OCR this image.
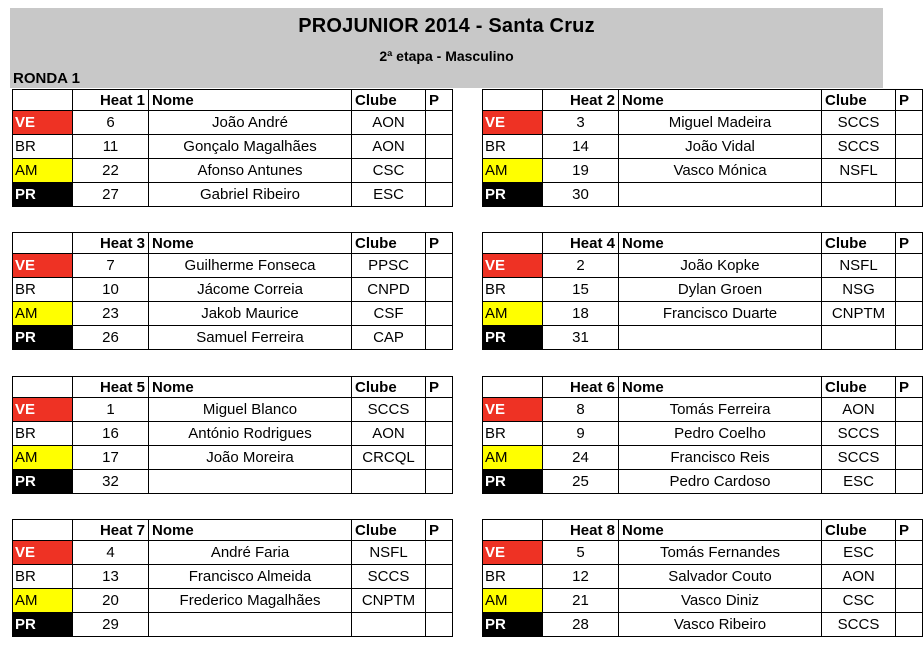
PROJUNIOR 2014 - Santa Cruz
2ª etapa - Masculino
RONDA 1
	Heat 1	Nome	Clube	P
VE	6	João André	AON	
BR	11	Gonçalo Magalhães	AON	
AM	22	Afonso Antunes	CSC	
PR	27	Gabriel Ribeiro	ESC	
	Heat 2	Nome	Clube	P
VE	3	Miguel Madeira	SCCS	
BR	14	João Vidal	SCCS	
AM	19	Vasco Mónica	NSFL	
PR	30			
	Heat 3	Nome	Clube	P
VE	7	Guilherme Fonseca	PPSC	
BR	10	Jácome Correia	CNPD	
AM	23	Jakob Maurice	CSF	
PR	26	Samuel Ferreira	CAP	
	Heat 4	Nome	Clube	P
VE	2	João Kopke	NSFL	
BR	15	Dylan Groen	NSG	
AM	18	Francisco Duarte	CNPTM	
PR	31			
	Heat 5	Nome	Clube	P
VE	1	Miguel Blanco	SCCS	
BR	16	António Rodrigues	AON	
AM	17	João Moreira	CRCQL	
PR	32			
	Heat 6	Nome	Clube	P
VE	8	Tomás Ferreira	AON	
BR	9	Pedro Coelho	SCCS	
AM	24	Francisco Reis	SCCS	
PR	25	Pedro Cardoso	ESC	
	Heat 7	Nome	Clube	P
VE	4	André Faria	NSFL	
BR	13	Francisco Almeida	SCCS	
AM	20	Frederico Magalhães	CNPTM	
PR	29			
	Heat 8	Nome	Clube	P
VE	5	Tomás Fernandes	ESC	
BR	12	Salvador Couto	AON	
AM	21	Vasco Diniz	CSC	
PR	28	Vasco Ribeiro	SCCS	
